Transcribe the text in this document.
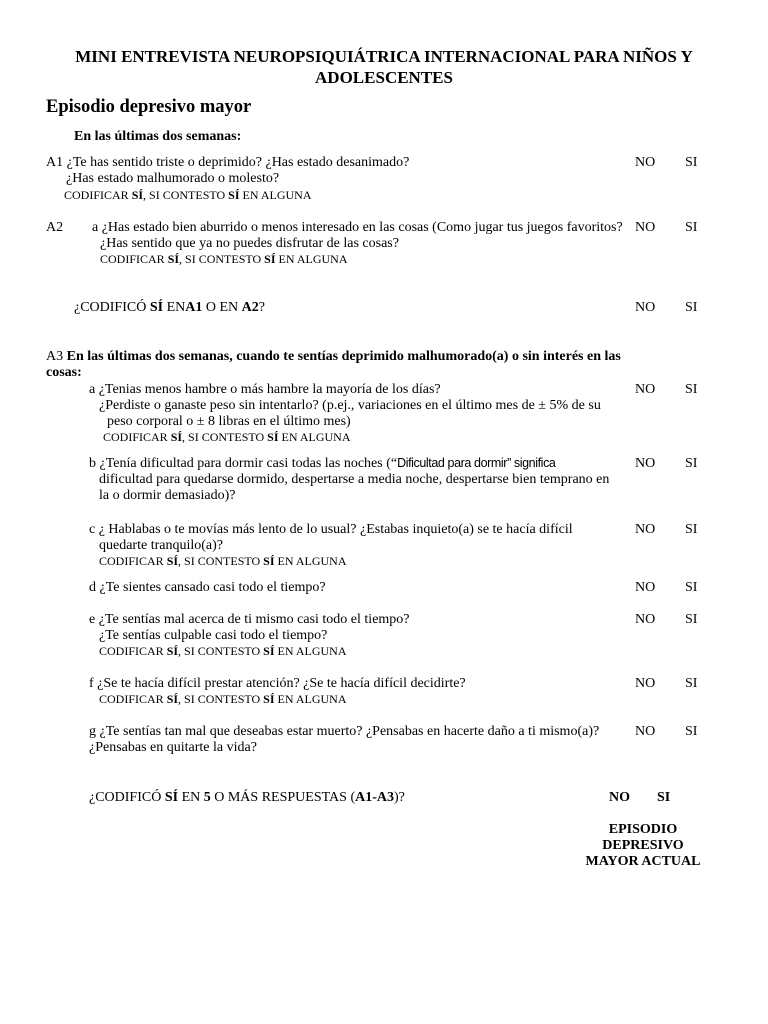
MINI ENTREVISTA NEUROPSIQUIÁTRICA INTERNACIONAL PARA NIÑOS Y
ADOLESCENTES
Episodio depresivo mayor
En las últimas dos semanas:
A1 ¿Te has sentido triste o deprimido? ¿Has estado desanimado?
¿Has estado malhumorado o molesto?
CODIFICAR SÍ, SI CONTESTO SÍ EN ALGUNA
NO SI
A2 a ¿Has estado bien aburrido o menos interesado en las cosas (Como jugar tus juegos favoritos?
¿Has sentido que ya no puedes disfrutar de las cosas?
CODIFICAR SÍ, SI CONTESTO SÍ EN ALGUNA
NO SI
¿CODIFICÓ SÍ ENA1 O EN A2?	NO SI
A3 En las últimas dos semanas, cuando te sentías deprimido malhumorado(a) o sin interés en las
cosas:
a ¿Tenias menos hambre o más hambre la mayoría de los días?
¿Perdiste o ganaste peso sin intentarlo? (p.ej., variaciones en el último mes de ± 5% de su
peso corporal o ± 8 libras en el último mes)
CODIFICAR SÍ, SI CONTESTO SÍ EN ALGUNA
NO SI
b ¿Tenía dificultad para dormir casi todas las noches (“Dificultad para dormir” significa
dificultad para quedarse dormido, despertarse a media noche, despertarse bien temprano en
la o dormir demasiado)?
NO SI
c ¿ Hablabas o te movías más lento de lo usual? ¿Estabas inquieto(a) se te hacía difícil
quedarte tranquilo(a)?
CODIFICAR SÍ, SI CONTESTO SÍ EN ALGUNA
NO SI
d ¿Te sientes cansado casi todo el tiempo?	NO SI
e ¿Te sentías mal acerca de ti mismo casi todo el tiempo?
¿Te sentías culpable casi todo el tiempo?
CODIFICAR SÍ, SI CONTESTO SÍ EN ALGUNA
NO SI
f ¿Se te hacía difícil prestar atención? ¿Se te hacía difícil decidirte?
CODIFICAR SÍ, SI CONTESTO SÍ EN ALGUNA
NO SI
g ¿Te sentías tan mal que deseabas estar muerto? ¿Pensabas en hacerte daño a ti mismo(a)?
¿Pensabas en quitarte la vida?
NO SI
¿CODIFICÓ SÍ EN 5 O MÁS RESPUESTAS (A1-A3)?	NO SI
EPISODIO
DEPRESIVO
MAYOR ACTUAL
